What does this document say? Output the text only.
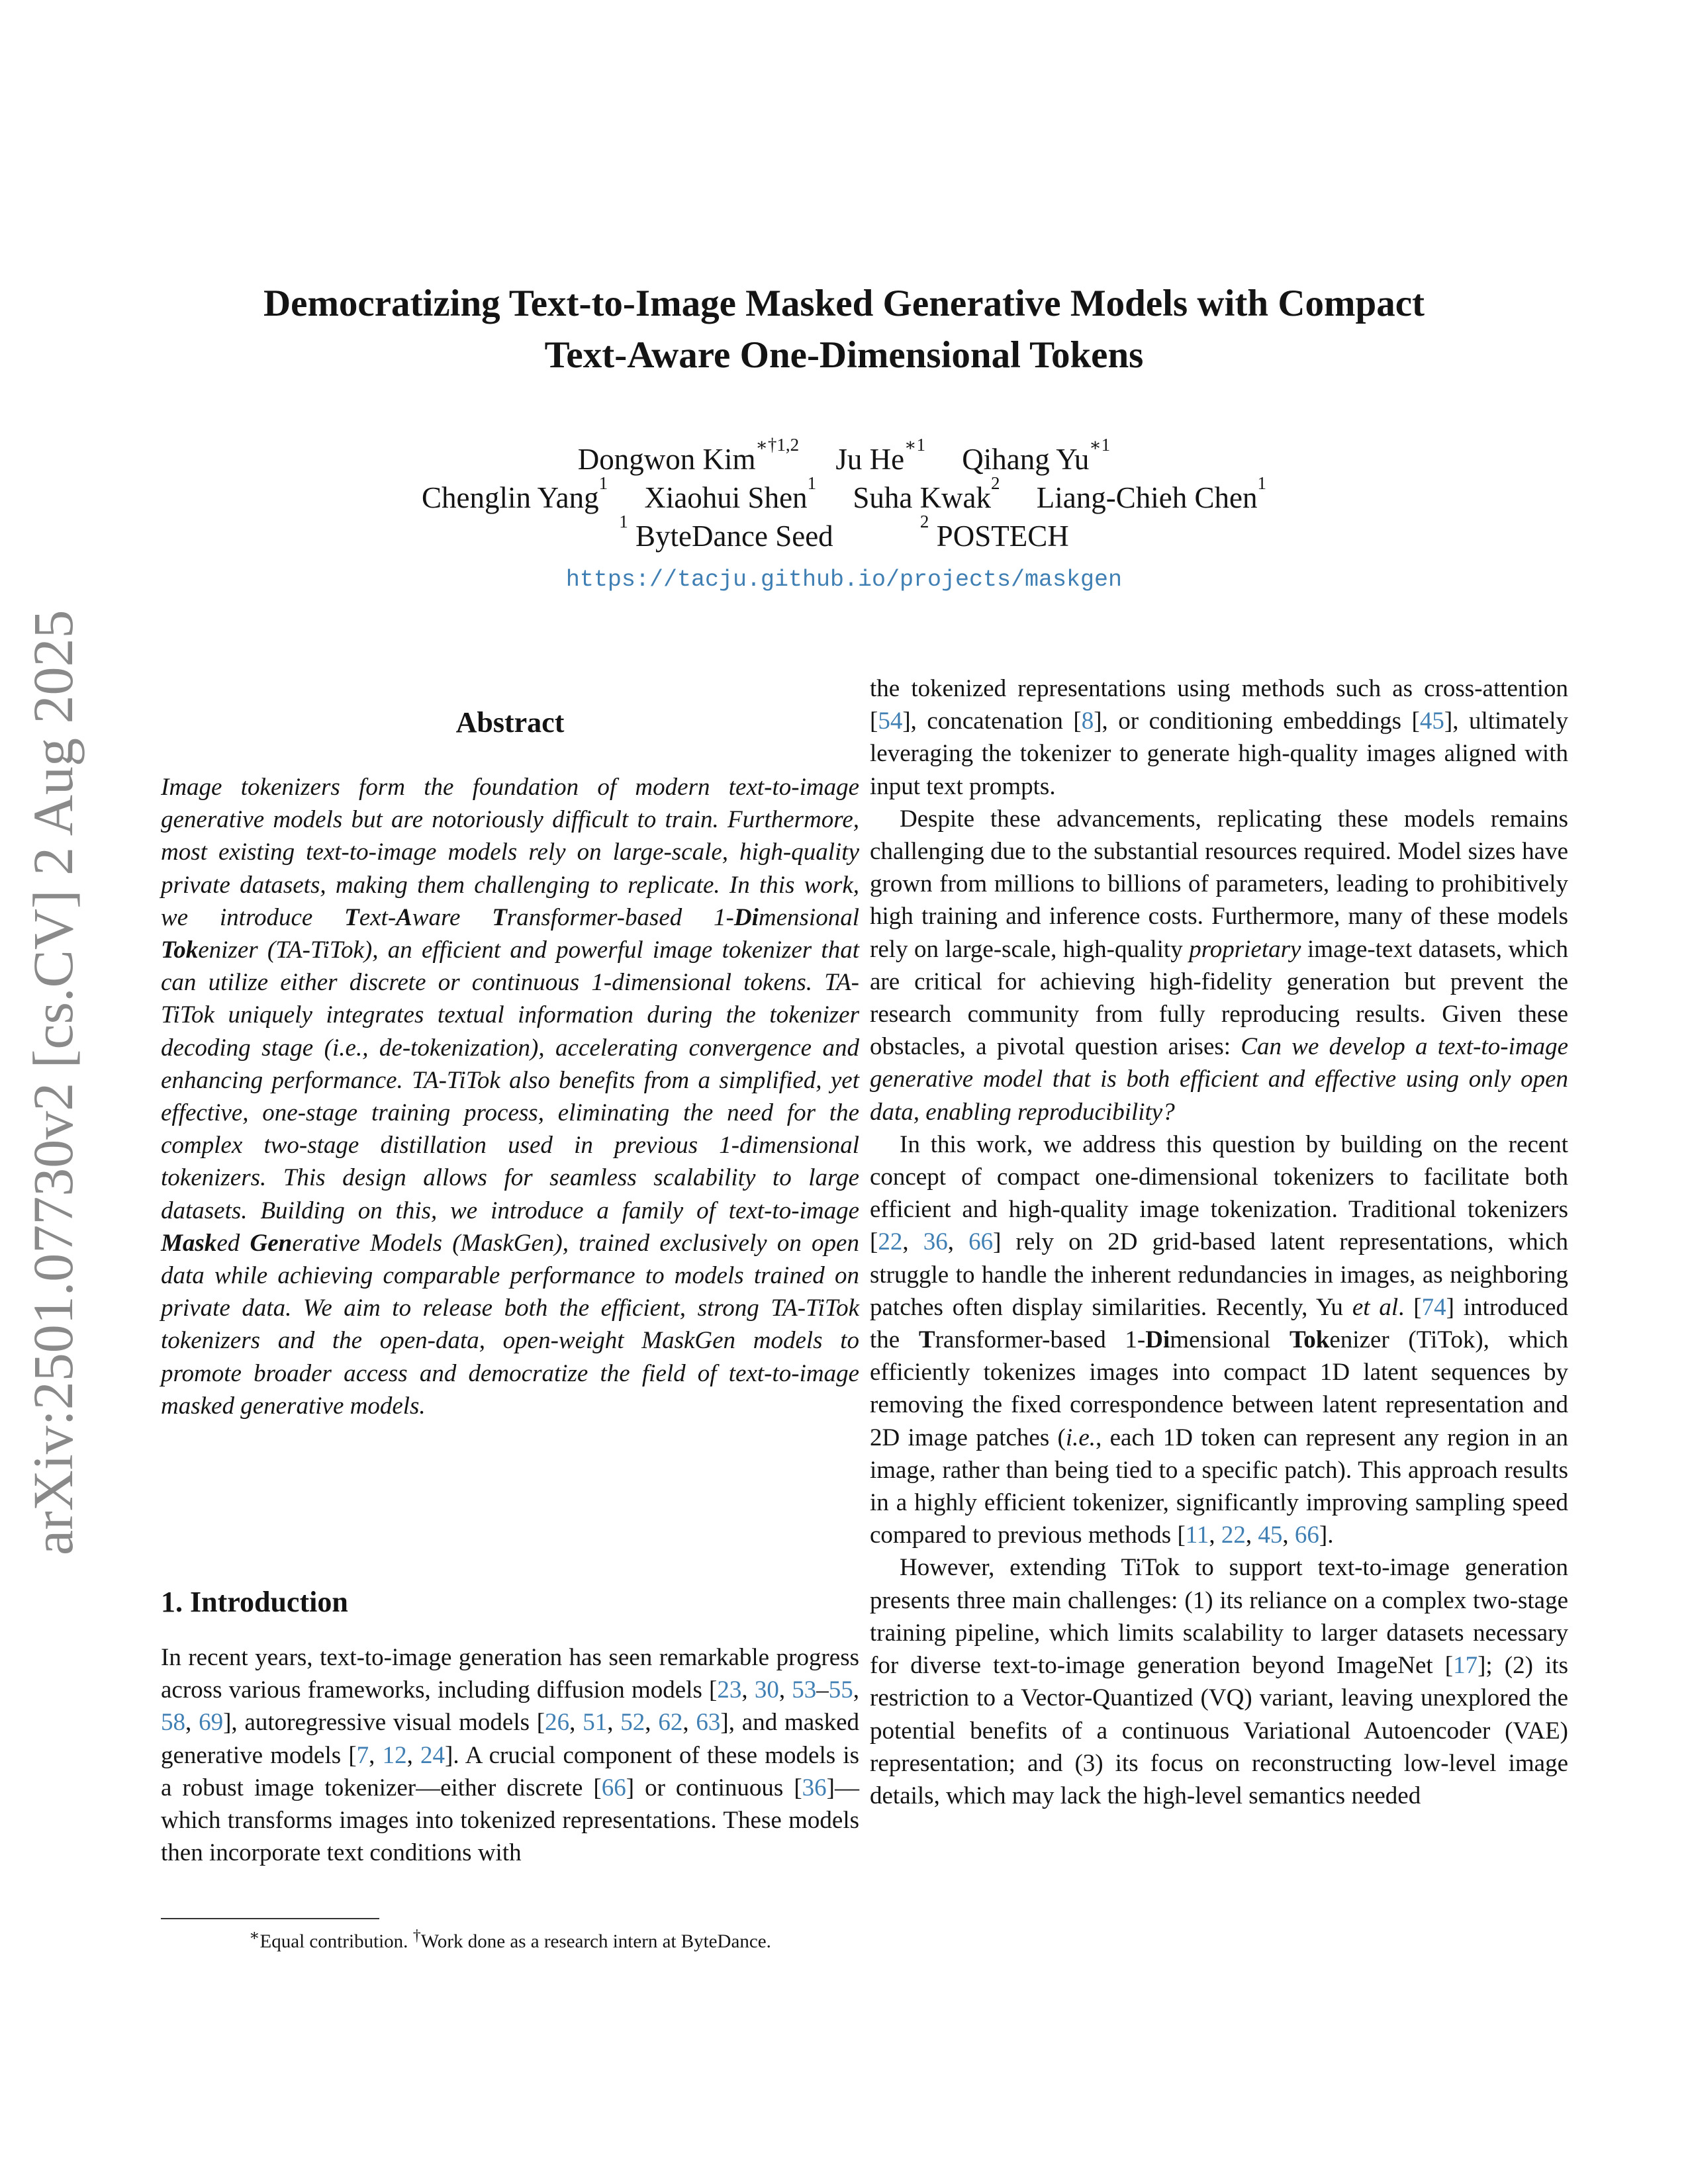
arXiv:2501.07730v2 [cs.CV] 2 Aug 2025
Democratizing Text-to-Image Masked Generative Models with Compact
Text-Aware One-Dimensional Tokens
Dongwon Kim$^{∗\dagger 1,2}$ Ju $He^{∗1}$ Qihang $Yu^{∗1}$
Chenglin Yang$^1$ Xiaohui Shen$^1$ Suha Kwak$^2$ Liang-Chieh Chen$^1$
$^1$ ByteDance Seed	$^2$ POSTECH
https://tacju.github.io/projects/maskgen
Abstract

Image tokenizers form the foundation of modern text-to-image generative models but are notoriously difficult to train. Furthermore, most existing text-to-image models rely on large-scale, high-quality private datasets, making them challenging to replicate. In this work, we introduce Text-Aware Transformer-based 1-Dimensional Tokenizer (TA-TiTok), an efficient and powerful image tokenizer that can utilize either discrete or continuous 1-dimensional tokens. TA-TiTok uniquely integrates textual information during the tokenizer decoding stage (i.e., de-tokenization), accelerating convergence and enhancing performance. TA-TiTok also benefits from a simplified, yet effective, one-stage training process, eliminating the need for the complex two-stage distillation used in previous 1-dimensional tokenizers. This design allows for seamless scalability to large datasets. Building on this, we introduce a family of text-to-image Masked Generative Models (MaskGen), trained exclusively on open data while achieving comparable performance to models trained on private data. We aim to release both the efficient, strong TA-TiTok tokenizers and the open-data, open-weight MaskGen models to promote broader access and democratize the field of text-to-image masked generative models.

1. Introduction

In recent years, text-to-image generation has seen remarkable progress across various frameworks, including diffusion models [23, 30, 53–55, 58, 69], autoregressive visual models [26, 51, 52, 62, 63], and masked generative models [7, 12, 24]. A crucial component of these models is a robust image tokenizer—either discrete [66] or continuous [36]—which transforms images into tokenized representations. These models then incorporate text conditions with

∗Equal contribution. †Work done as a research intern at ByteDance.

the tokenized representations using methods such as cross-attention [54], concatenation [8], or conditioning embeddings [45], ultimately leveraging the tokenizer to generate high-quality images aligned with input text prompts.

Despite these advancements, replicating these models remains challenging due to the substantial resources required. Model sizes have grown from millions to billions of parameters, leading to prohibitively high training and inference costs. Furthermore, many of these models rely on large-scale, high-quality proprietary image-text datasets, which are critical for achieving high-fidelity generation but prevent the research community from fully reproducing results. Given these obstacles, a pivotal question arises: Can we develop a text-to-image generative model that is both efficient and effective using only open data, enabling reproducibility?

In this work, we address this question by building on the recent concept of compact one-dimensional tokenizers to facilitate both efficient and high-quality image tokenization. Traditional tokenizers [22, 36, 66] rely on 2D grid-based latent representations, which struggle to handle the inherent redundancies in images, as neighboring patches often display similarities. Recently, Yu et al. [74] introduced the Transformer-based 1-Dimensional Tokenizer (TiTok), which efficiently tokenizes images into compact 1D latent sequences by removing the fixed correspondence between latent representation and 2D image patches (i.e., each 1D token can represent any region in an image, rather than being tied to a specific patch). This approach results in a highly efficient tokenizer, significantly improving sampling speed compared to previous methods [11, 22, 45, 66].

However, extending TiTok to support text-to-image generation presents three main challenges: (1) its reliance on a complex two-stage training pipeline, which limits scalability to larger datasets necessary for diverse text-to-image generation beyond ImageNet [17]; (2) its restriction to a Vector-Quantized (VQ) variant, leaving unexplored the potential benefits of a continuous Variational Autoencoder (VAE) representation; and (3) its focus on reconstructing low-level image details, which may lack the high-level semantics needed
